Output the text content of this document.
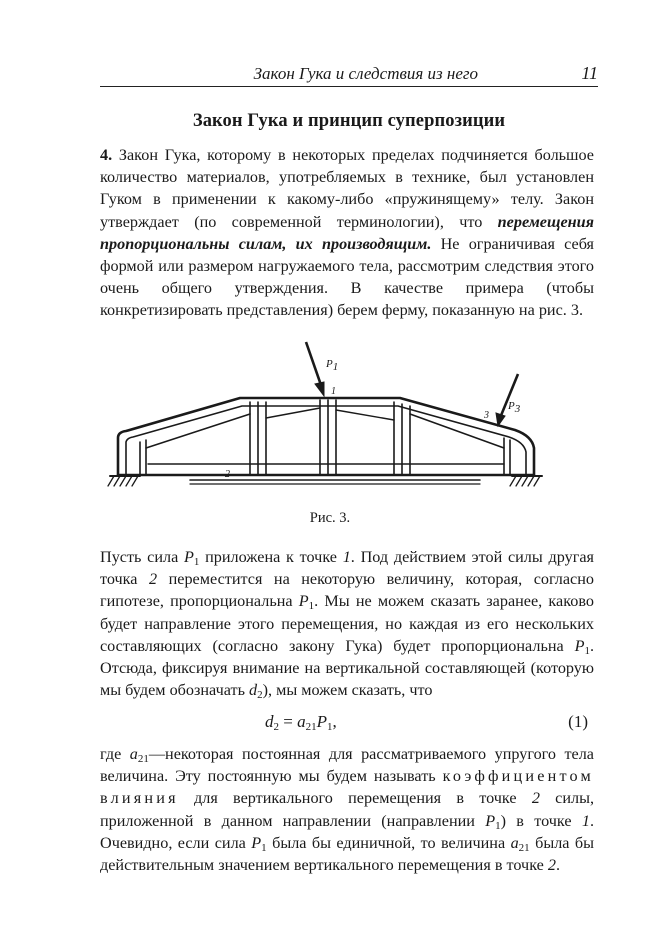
Закон Гука и следствия из него	11
Закон Гука и принцип суперпозиции

4. Закон Гука, которому в некоторых пределах подчиняется большое количество материалов, употребляемых в технике, был установлен Гуком в применении к какому-либо «пружинящему» телу. Закон утверждает (по современной терминологии), что перемещения пропорциональны силам, их производящим. Не ограничивая себя формой или размером нагружаемого тела, рассмотрим следствия этого очень общего утверждения. В качестве примера (чтобы конкретизировать представления) берем ферму, показанную на рис. 3.

$P_1$
$P_3$
1
2
3
Рис. 3.

Пусть сила $P_1$ приложена к точке 1. Под действием этой силы другая точка 2 переместится на некоторую величину, которая, согласно гипотезе, пропорциональна $P_1$. Мы не можем сказать заранее, каково будет направление этого перемещения, но каждая из его нескольких составляющих (согласно закону Гука) будет пропорциональна $P_1$. Отсюда, фиксируя внимание на вертикальной составляющей (которую мы будем обозначать $d_2$), мы можем сказать, что

$d_2 = a_{21}P_1$,	(1)

где $a_{21}—некоторая$ постоянная для рассматриваемого упругого тела величина. Эту постоянную мы будем называть коэффициентом влияния для вертикального перемещения в точке 2 силы, приложенной в данном направлении (направлении $P_1$) в точке 1. Очевидно, если сила $P_1$ была бы единичной, то величина $a_{21}$ была бы действительным значением вертикального перемещения в точке 2.
